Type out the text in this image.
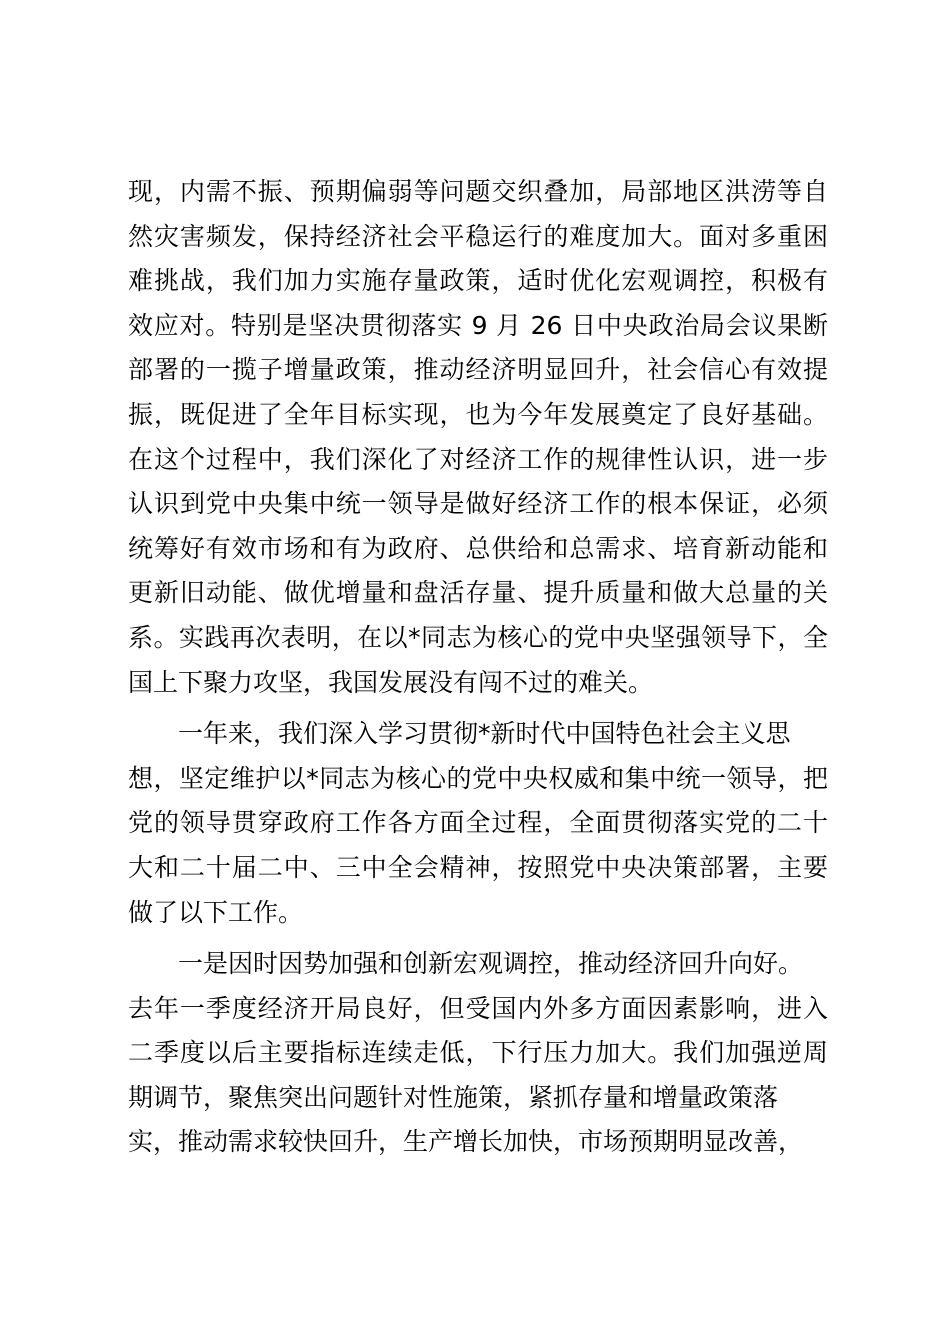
现，内需不振、预期偏弱等问题交织叠加，局部地区洪涝等自
然灾害频发，保持经济社会平稳运行的难度加大。面对多重困
难挑战，我们加力实施存量政策，适时优化宏观调控，积极有
效应对。特别是坚决贯彻落实 9 月 26 日中央政治局会议果断
部署的一揽子增量政策，推动经济明显回升，社会信心有效提
振，既促进了全年目标实现，也为今年发展奠定了良好基础。
在这个过程中，我们深化了对经济工作的规律性认识，进一步
认识到党中央集中统一领导是做好经济工作的根本保证，必须
统筹好有效市场和有为政府、总供给和总需求、培育新动能和
更新旧动能、做优增量和盘活存量、提升质量和做大总量的关
系。实践再次表明，在以*同志为核心的党中央坚强领导下，全
国上下聚力攻坚，我国发展没有闯不过的难关。
一年来，我们深入学习贯彻*新时代中国特色社会主义思
想，坚定维护以*同志为核心的党中央权威和集中统一领导，把
党的领导贯穿政府工作各方面全过程，全面贯彻落实党的二十
大和二十届二中、三中全会精神，按照党中央决策部署，主要
做了以下工作。
一是因时因势加强和创新宏观调控，推动经济回升向好。
去年一季度经济开局良好，但受国内外多方面因素影响，进入
二季度以后主要指标连续走低，下行压力加大。我们加强逆周
期调节，聚焦突出问题针对性施策，紧抓存量和增量政策落
实，推动需求较快回升，生产增长加快，市场预期明显改善，
